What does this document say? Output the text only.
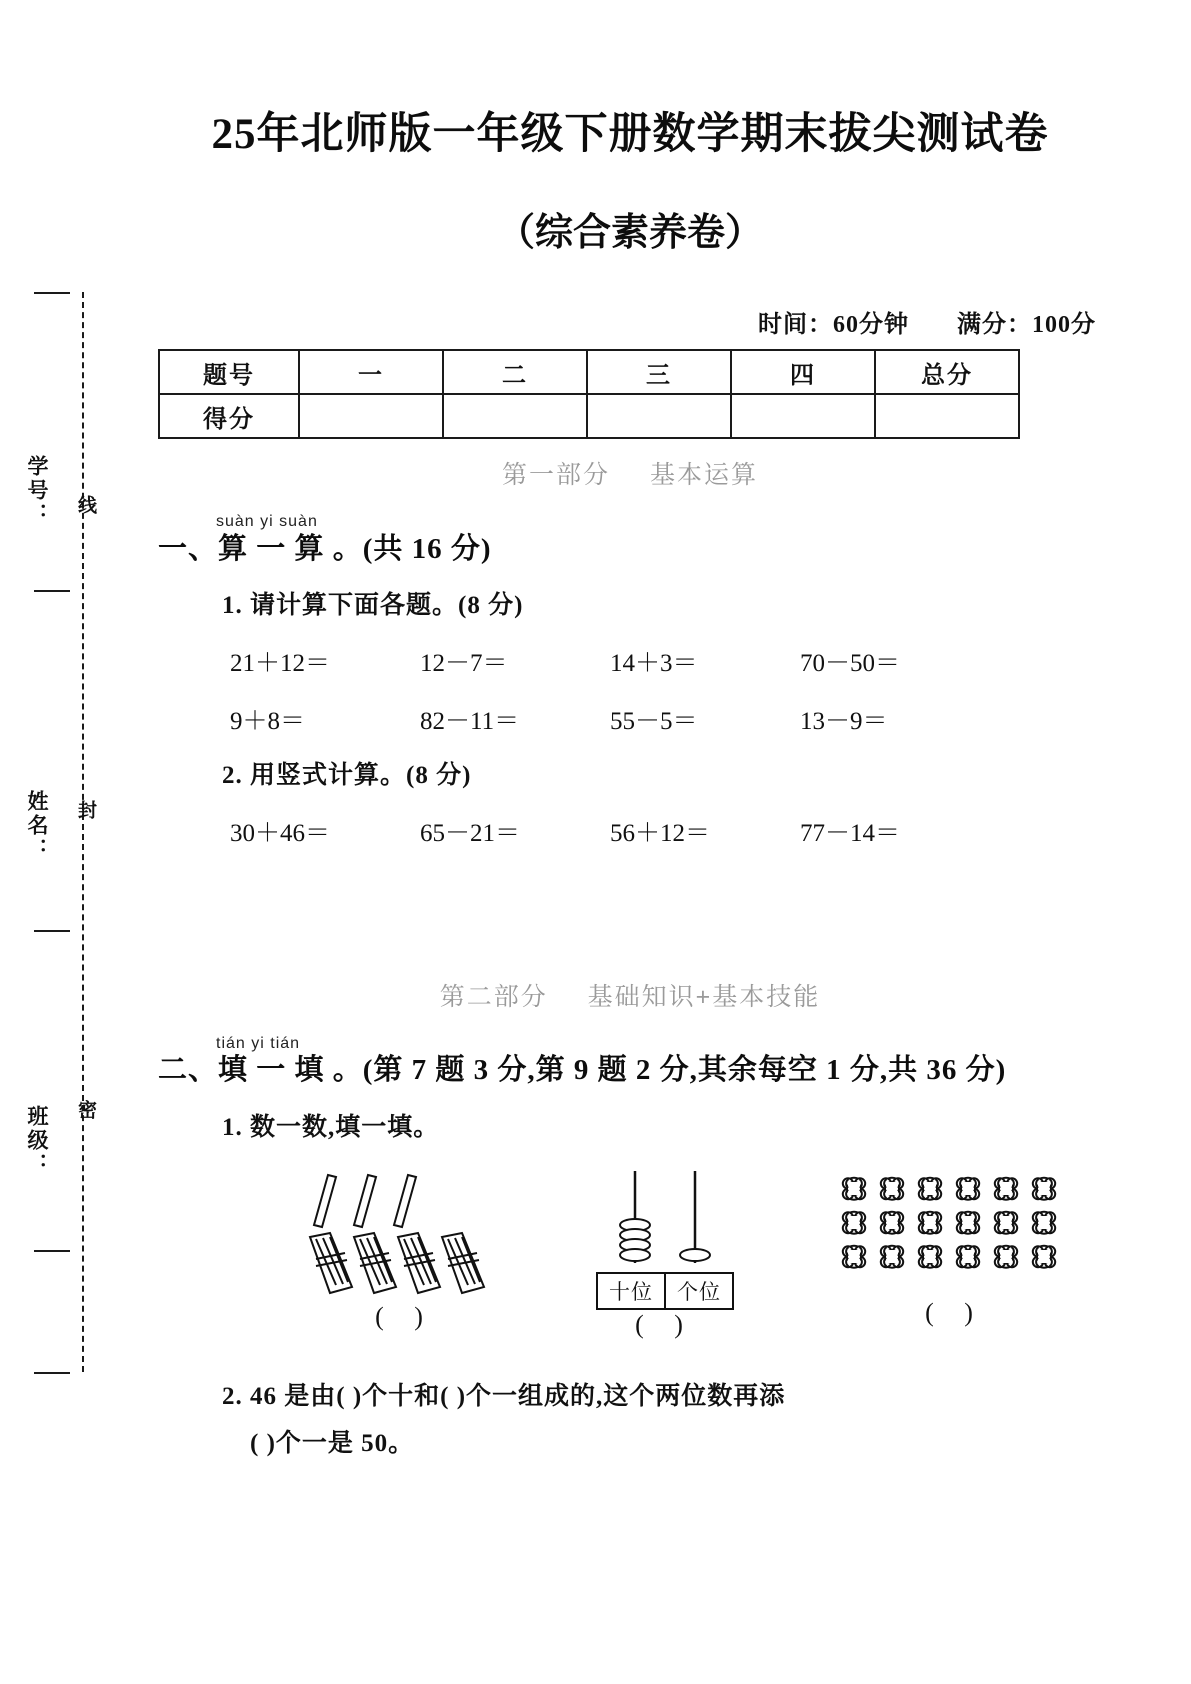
学号：
姓名：
班级：
线
封
密
25年北师版一年级下册数学期末拔尖测试卷
（综合素养卷）
时间：60分钟 满分：100分
题号	一	二	三	四	总分
得分					
第一部分 基本运算
suàn yi suàn
一、算 一 算 。(共 16 分)
1. 请计算下面各题。(8 分)
21＋12＝	12－7＝	14＋3＝	70－50＝
9＋8＝	82－11＝	55－5＝	13－9＝
2. 用竖式计算。(8 分)
30＋46＝	65－21＝	56＋12＝	77－14＝
第二部分 基础知识+基本技能
tián yi tián
二、填 一 填 。(第 7 题 3 分,第 9 题 2 分,其余每空 1 分,共 36 分)
1. 数一数,填一填。
( )
十位 个位
( )	( )
2. 46 是由( )个十和( )个一组成的,这个两位数再添
( )个一是 50。
